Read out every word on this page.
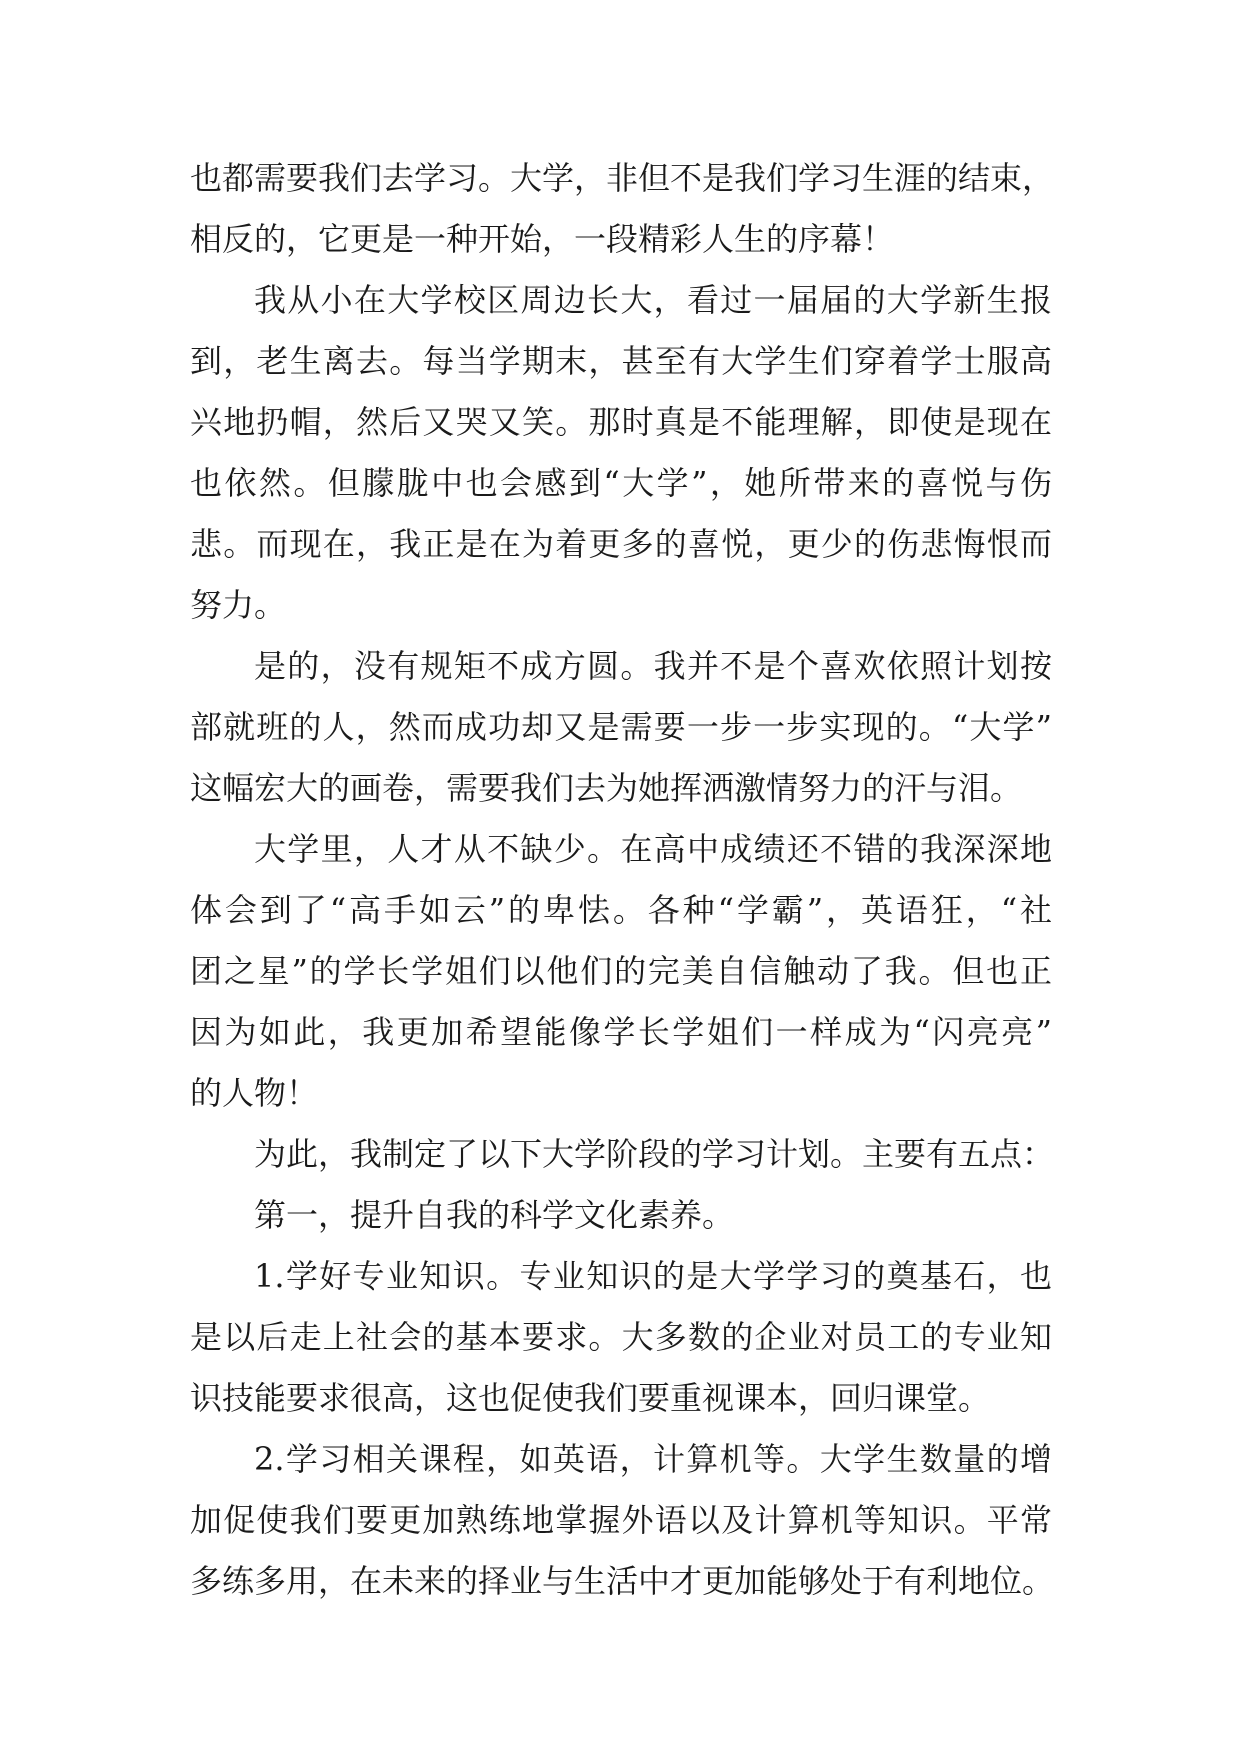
也都需要我们去学习。大学，非但不是我们学习生涯的结束，
相反的，它更是一种开始，一段精彩人生的序幕！
我从小在大学校区周边长大，看过一届届的大学新生报
到，老生离去。每当学期末，甚至有大学生们穿着学士服高
兴地扔帽，然后又哭又笑。那时真是不能理解，即使是现在
也依然。但朦胧中也会感到“大学”，她所带来的喜悦与伤
悲。而现在，我正是在为着更多的喜悦，更少的伤悲悔恨而
努力。
是的，没有规矩不成方圆。我并不是个喜欢依照计划按
部就班的人，然而成功却又是需要一步一步实现的。“大学”
这幅宏大的画卷，需要我们去为她挥洒激情努力的汗与泪。
大学里，人才从不缺少。在高中成绩还不错的我深深地
体会到了“高手如云”的卑怯。各种“学霸”，英语狂，“社
团之星”的学长学姐们以他们的完美自信触动了我。但也正
因为如此，我更加希望能像学长学姐们一样成为“闪亮亮”
的人物！
为此，我制定了以下大学阶段的学习计划。主要有五点：
第一，提升自我的科学文化素养。
1.学好专业知识。专业知识的是大学学习的奠基石，也
是以后走上社会的基本要求。大多数的企业对员工的专业知
识技能要求很高，这也促使我们要重视课本，回归课堂。
2.学习相关课程，如英语，计算机等。大学生数量的增
加促使我们要更加熟练地掌握外语以及计算机等知识。平常
多练多用，在未来的择业与生活中才更加能够处于有利地位。
